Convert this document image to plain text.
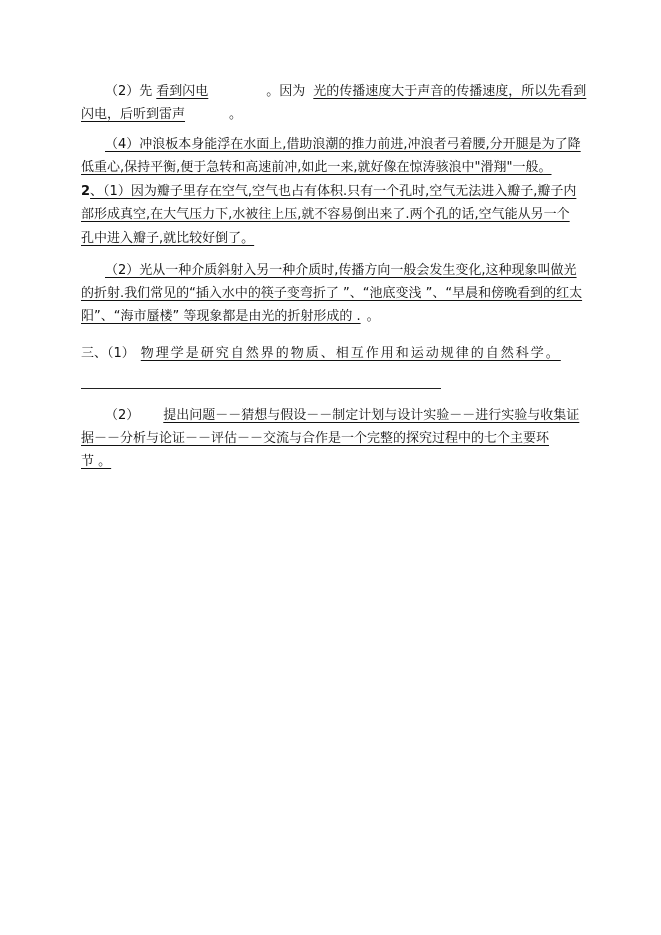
（2）先 看到闪电	。因为 光的传播速度大于声音的传播速度，所以先看到
闪电，后听到雷声	。
（4）冲浪板本身能浮在水面上,借助浪潮的推力前进,冲浪者弓着腰,分开腿是为了降
低重心,保持平衡,便于急转和高速前冲,如此一来,就好像在惊涛骇浪中"滑翔"一般。
2、（1）因为瓣子里存在空气,空气也占有体积.只有一个孔时,空气无法进入瓣子,瓣子内
部形成真空,在大气压力下,水被往上压,就不容易倒出来了.两个孔的话,空气能从另一个
孔中进入瓣子,就比较好倒了。
（2）光从一种介质斜射入另一种介质时,传播方向一般会发生变化,这种现象叫做光
的折射.我们常见的“插入水中的筷子变弯折了 ”、“池底变浅 ”、“早晨和傍晚看到的红太
阳”、“海市蜃楼” 等现象都是由光的折射形成的 . 。
三、（1） 物理学是研究自然界的物质、相互作用和运动规律的自然科学。
（2） 提出问题－－猜想与假设－－制定计划与设计实验－－进行实验与收集证
据－－分析与论证－－评估－－交流与合作是一个完整的探究过程中的七个主要环
节 。
